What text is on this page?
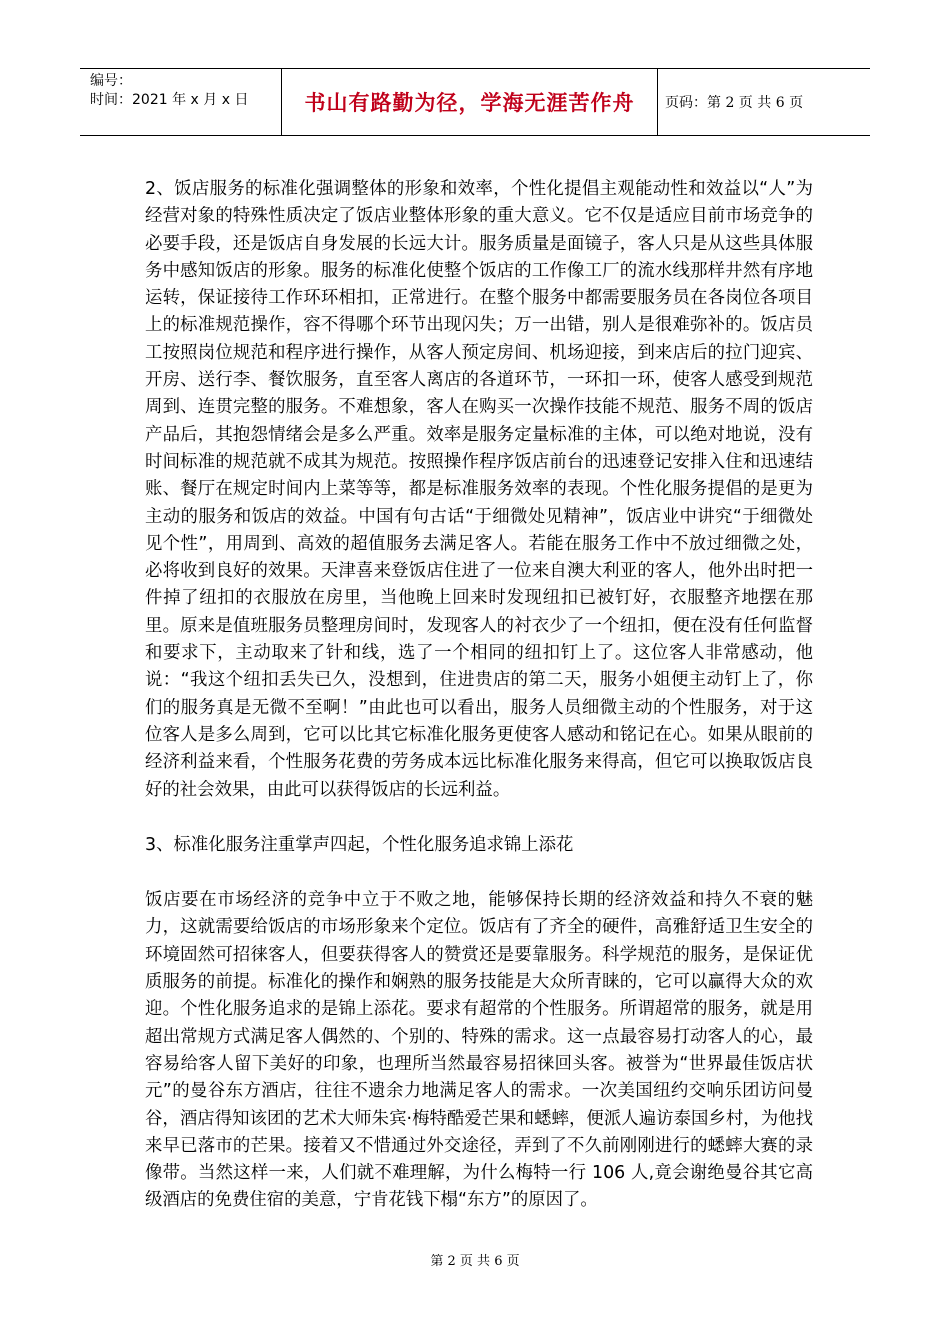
编号：
时间：2021 年 x 月 x 日	书山有路勤为径，学海无涯苦作舟 页码：第 2 页 共 6 页

2、饭店服务的标准化强调整体的形象和效率，个性化提倡主观能动性和效益以“人”为经营对象的特殊性质决定了饭店业整体形象的重大意义。它不仅是适应目前市场竞争的必要手段，还是饭店自身发展的长远大计。服务质量是面镜子，客人只是从这些具体服务中感知饭店的形象。服务的标准化使整个饭店的工作像工厂的流水线那样井然有序地运转，保证接待工作环环相扣，正常进行。在整个服务中都需要服务员在各岗位各项目上的标准规范操作，容不得哪个环节出现闪失；万一出错，别人是很难弥补的。饭店员工按照岗位规范和程序进行操作，从客人预定房间、机场迎接，到来店后的拉门迎宾、开房、送行李、餐饮服务，直至客人离店的各道环节，一环扣一环，使客人感受到规范周到、连贯完整的服务。不难想象，客人在购买一次操作技能不规范、服务不周的饭店产品后，其抱怨情绪会是多么严重。效率是服务定量标准的主体，可以绝对地说，没有时间标准的规范就不成其为规范。按照操作程序饭店前台的迅速登记安排入住和迅速结账、餐厅在规定时间内上菜等等，都是标准服务效率的表现。个性化服务提倡的是更为主动的服务和饭店的效益。中国有句古话“于细微处见精神”，饭店业中讲究“于细微处见个性”，用周到、高效的超值服务去满足客人。若能在服务工作中不放过细微之处，必将收到良好的效果。天津喜来登饭店住进了一位来自澳大利亚的客人，他外出时把一件掉了纽扣的衣服放在房里，当他晚上回来时发现纽扣已被钉好，衣服整齐地摆在那里。原来是值班服务员整理房间时，发现客人的衬衣少了一个纽扣，便在没有任何监督和要求下，主动取来了针和线，选了一个相同的纽扣钉上了。这位客人非常感动，他说：“我这个纽扣丢失已久，没想到，住进贵店的第二天，服务小姐便主动钉上了，你们的服务真是无微不至啊！”由此也可以看出，服务人员细微主动的个性服务，对于这位客人是多么周到，它可以比其它标准化服务更使客人感动和铭记在心。如果从眼前的经济利益来看，个性服务花费的劳务成本远比标准化服务来得高，但它可以换取饭店良好的社会效果，由此可以获得饭店的长远利益。

3、标准化服务注重掌声四起，个性化服务追求锦上添花

饭店要在市场经济的竞争中立于不败之地，能够保持长期的经济效益和持久不衰的魅力，这就需要给饭店的市场形象来个定位。饭店有了齐全的硬件，高雅舒适卫生安全的环境固然可招徕客人，但要获得客人的赞赏还是要靠服务。科学规范的服务，是保证优质服务的前提。标准化的操作和娴熟的服务技能是大众所青睐的，它可以赢得大众的欢迎。个性化服务追求的是锦上添花。要求有超常的个性服务。所谓超常的服务，就是用超出常规方式满足客人偶然的、个别的、特殊的需求。这一点最容易打动客人的心，最容易给客人留下美好的印象，也理所当然最容易招徕回头客。被誉为“世界最佳饭店状元”的曼谷东方酒店，往往不遗余力地满足客人的需求。一次美国纽约交响乐团访问曼谷，酒店得知该团的艺术大师朱宾·梅特酷爱芒果和蟋蟀，便派人遍访泰国乡村，为他找来早已落市的芒果。接着又不惜通过外交途径，弄到了不久前刚刚进行的蟋蟀大赛的录像带。当然这样一来，人们就不难理解，为什么梅特一行 106 人,竟会谢绝曼谷其它高级酒店的免费住宿的美意，宁肯花钱下榻“东方”的原因了。

第 2 页 共 6 页
